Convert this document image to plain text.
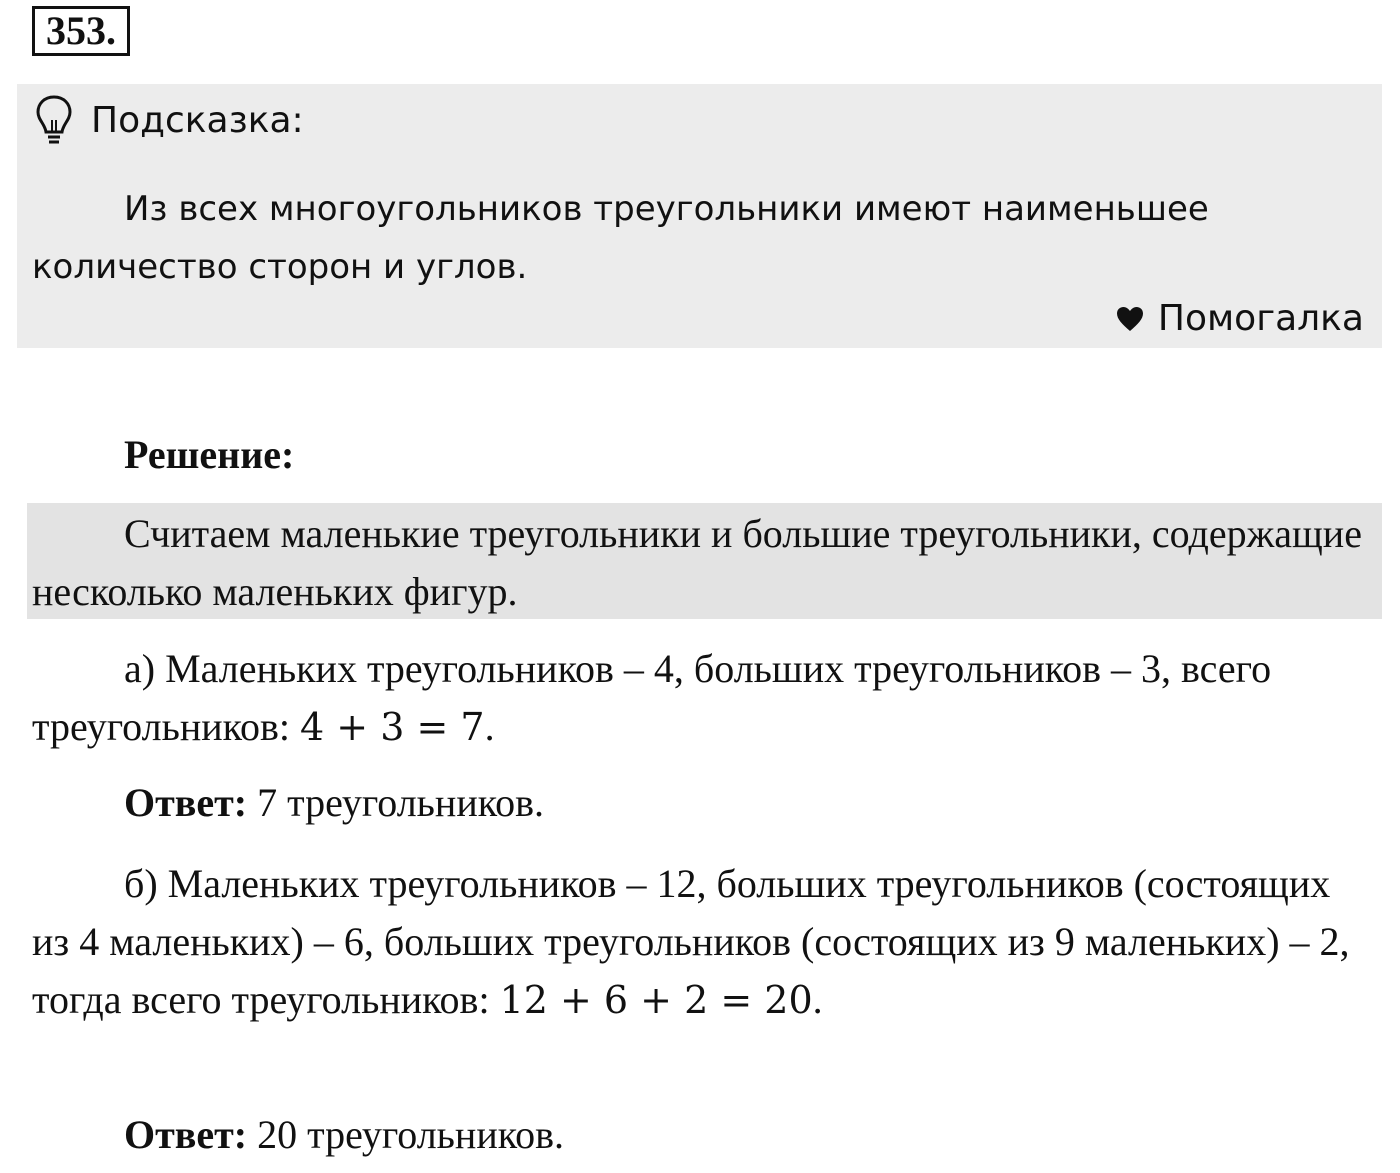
353.
Подсказка:

Из всех многоугольников треугольники имеют наименьшее количество сторон и углов.

Помогалка
Решение:

Считаем маленькие треугольники и большие треугольники, содержащие несколько маленьких фигур.

а) Маленьких треугольников – 4, больших треугольников – 3, всего треугольников: 4 + 3 = 7.

Ответ: 7 треугольников.

б) Маленьких треугольников – 12, больших треугольников (состоящих из 4 маленьких) – 6, больших треугольников (состоящих из 9 маленьких) – 2, тогда всего треугольников: 12 + 6 + 2 = 20.

Ответ: 20 треугольников.
